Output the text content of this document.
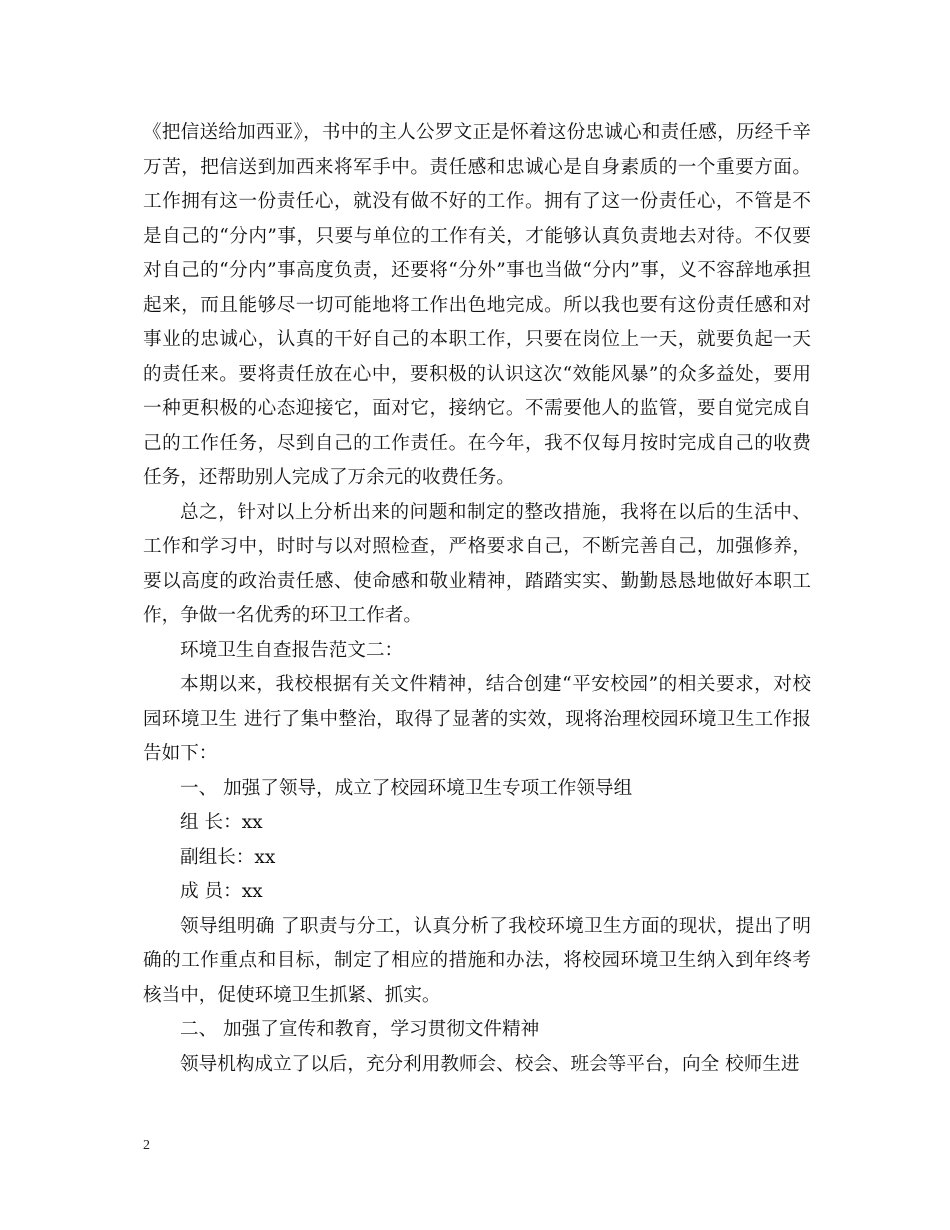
《把信送给加西亚》，书中的主人公罗文正是怀着这份忠诚心和责任感，历经千辛万苦，把信送到加西来将军手中。责任感和忠诚心是自身素质的一个重要方面。工作拥有这一份责任心，就没有做不好的工作。拥有了这一份责任心，不管是不是自己的“分内”事，只要与单位的工作有关，才能够认真负责地去对待。不仅要对自己的“分内”事高度负责，还要将“分外”事也当做“分内”事，义不容辞地承担起来，而且能够尽一切可能地将工作出色地完成。所以我也要有这份责任感和对事业的忠诚心，认真的干好自己的本职工作，只要在岗位上一天，就要负起一天的责任来。要将责任放在心中，要积极的认识这次“效能风暴”的众多益处，要用一种更积极的心态迎接它，面对它，接纳它。不需要他人的监管，要自觉完成自己的工作任务，尽到自己的工作责任。在今年，我不仅每月按时完成自己的收费任务，还帮助别人完成了万余元的收费任务。

总之，针对以上分析出来的问题和制定的整改措施，我将在以后的生活中、工作和学习中，时时与以对照检查，严格要求自己，不断完善自己，加强修养，要以高度的政治责任感、使命感和敬业精神，踏踏实实、勤勤恳恳地做好本职工作，争做一名优秀的环卫工作者。

环境卫生自查报告范文二：

本期以来，我校根据有关文件精神，结合创建“平安校园”的相关要求，对校园环境卫生 进行了集中整治，取得了显著的实效，现将治理校园环境卫生工作报告如下：

一、 加强了领导，成立了校园环境卫生专项工作领导组

组 长：xx

副组长：xx

成 员：xx

领导组明确 了职责与分工，认真分析了我校环境卫生方面的现状，提出了明确的工作重点和目标，制定了相应的措施和办法，将校园环境卫生纳入到年终考核当中，促使环境卫生抓紧、抓实。

二、 加强了宣传和教育，学习贯彻文件精神

领导机构成立了以后，充分利用教师会、校会、班会等平台，向全 校师生进

2
